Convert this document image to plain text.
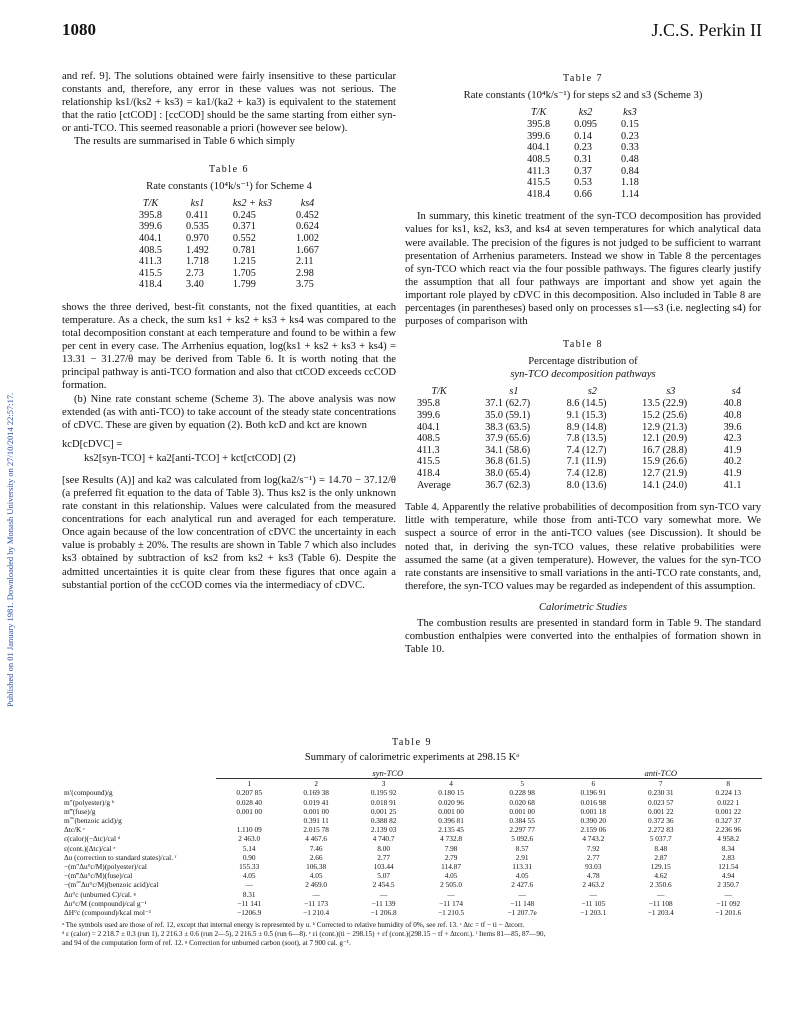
Published on 01 January 1981. Downloaded by Monash University on 27/10/2014 22:57:17.
1080	J.C.S. Perkin II

and ref. 9]. The solutions obtained were fairly insensitive to these particular constants and, therefore, any error in these values was not serious. The relationship ks1/(ks2 + ks3) = ka1/(ka2 + ka3) is equivalent to the statement that the ratio [ctCOD] : [ccCOD] should be the same starting from either syn- or anti-TCO. This seemed reasonable a priori (however see below).

The results are summarised in Table 6 which simply

Table 6
Rate constants (10⁴k/s⁻¹) for Scheme 4
T/K	ks1	ks2 + ks3	ks4
395.8	0.411	0.245	0.452
399.6	0.535	0.371	0.624
404.1	0.970	0.552	1.002
408.5	1.492	0.781	1.667
411.3	1.718	1.215	2.11
415.5	2.73	1.705	2.98
418.4	3.40	1.799	3.75

shows the three derived, best-fit constants, not the fixed quantities, at each temperature. As a check, the sum ks1 + ks2 + ks3 + ks4 was compared to the total decomposition constant at each temperature and found to be within a few per cent in every case. The Arrhenius equation, log(ks1 + ks2 + ks3 + ks4) = 13.31 − 31.27/θ may be derived from Table 6. It is worth noting that the principal pathway is anti-TCO formation and also that ctCOD exceeds ccCOD formation.

(b) Nine rate constant scheme (Scheme 3). The above analysis was now extended (as with anti-TCO) to take account of the steady state concentrations of cDVC. These are given by equation (2). Both kcD and kct are known

kcD[cDVC] =
ks2[syn-TCO] + ka2[anti-TCO] + kct[ctCOD] (2)

[see Results (A)] and ka2 was calculated from log(ka2/s⁻¹) = 14.70 − 37.12/θ (a preferred fit equation to the data of Table 3). Thus ks2 is the only unknown rate constant in this relationship. Values were calculated from the measured concentrations for each analytical run and averaged for each temperature. Once again because of the low concentration of cDVC the uncertainty in each value is probably ± 20%. The results are shown in Table 7 which also includes ks3 obtained by subtraction of ks2 from ks2 + ks3 (Table 6). Despite the admitted uncertainties it is quite clear from these figures that once again a substantial portion of the ccCOD comes via the intermediacy of cDVC.

Table 7
Rate constants (10⁴k/s⁻¹) for steps s2 and s3 (Scheme 3)
T/K	ks2	ks3
395.8	0.095	0.15
399.6	0.14	0.23
404.1	0.23	0.33
408.5	0.31	0.48
411.3	0.37	0.84
415.5	0.53	1.18
418.4	0.66	1.14

In summary, this kinetic treatment of the syn-TCO decomposition has provided values for ks1, ks2, ks3, and ks4 at seven temperatures for which analytical data were available. The precision of the figures is not judged to be sufficient to warrant presentation of Arrhenius parameters. Instead we show in Table 8 the percentages of syn-TCO which react via the four possible pathways. The figures clearly justify the assumption that all four pathways are important and show yet again the important role played by cDVC in this decomposition. Also included in Table 8 are percentages (in parentheses) based only on processes s1—s3 (i.e. neglecting s4) for purposes of comparison with

Table 8
Percentage distribution of
syn-TCO decomposition pathways
T/K	s1	s2	s3	s4
395.8	37.1 (62.7)	8.6 (14.5)	13.5 (22.9)	40.8
399.6	35.0 (59.1)	9.1 (15.3)	15.2 (25.6)	40.8
404.1	38.3 (63.5)	8.9 (14.8)	12.9 (21.3)	39.6
408.5	37.9 (65.6)	7.8 (13.5)	12.1 (20.9)	42.3
411.3	34.1 (58.6)	7.4 (12.7)	16.7 (28.8)	41.9
415.5	36.8 (61.5)	7.1 (11.9)	15.9 (26.6)	40.2
418.4	38.0 (65.4)	7.4 (12.8)	12.7 (21.9)	41.9
Average	36.7 (62.3)	8.0 (13.6)	14.1 (24.0)	41.1

Table 4. Apparently the relative probabilities of decomposition from syn-TCO vary little with temperature, while those from anti-TCO vary somewhat more. We suspect a source of error in the anti-TCO values (see Discussion). It should be noted that, in deriving the syn-TCO values, these relative probabilities were assumed the same (at a given temperature). However, the values for the syn-TCO rate constants are insensitive to small variations in the anti-TCO rate constants, and, therefore, the syn-TCO values may be regarded as independent of this assumption.

Calorimetric Studies

The combustion results are presented in standard form in Table 9. The standard combustion enthalpies were converted into the enthalpies of formation shown in Table 10.

Table 9
Summary of calorimetric experiments at 298.15 Kᵃ
	syn-TCO					anti-TCO		
	1	2	3	4	5	6	7	8
m′(compound)/g	0.207 85	0.169 38	0.195 92	0.180 15	0.228 98	0.196 91	0.230 31	0.224 13
m″(polyester)/g ᵇ	0.028 40	0.019 41	0.018 91	0.020 96	0.020 68	0.016 98	0.023 57	0.022 1
m‴(fuse)/g	0.001 00	0.001 00	0.001 25	0.001 00	0.001 00	0.001 18	0.001 22	0.001 22
m⁗(benzoic acid)/g		0.391 11	0.388 82	0.396 81	0.384 55	0.390 20	0.372 36	0.327 37
Δtc/K ᶜ	1.110 09	2.015 78	2.139 03	2.135 45	2.297 77	2.159 06	2.272 83	2.236 96
ε(calor)(−Δtc)/cal ᵈ	2 463.0	4 467.6	4 740.7	4 732.8	5 092.6	4 743.2	5 037.7	4 958.2
ε(cont.)(Δtc)/cal ᵉ	5.14	7.46	8.00	7.98	8.57	7.92	8.48	8.34
Δu (correction to standard states)/cal. ᶠ	0.90	2.66	2.77	2.79	2.91	2.77	2.87	2.83
−(m″Δu°c/M)(polyester)/cal	155.33	106.38	103.44	114.87	113.31	93.03	129.15	121.54
−(m‴Δu°c/M)(fuse)/cal	4.05	4.05	5.07	4.05	4.05	4.78	4.62	4.94
−(m⁗Δu°c/M)(benzoic acid)/cal	—	2 469.0	2 454.5	2 505.0	2 427.6	2 463.2	2 350.6	2 350.7
Δu°c (unburned C)/cal. ᵍ	8.31	—	—	—	—	—	—	—
Δu°c/M (compound)/cal g⁻¹	−11 141	−11 173	−11 139	−11 174	−11 148	−11 105	−11 108	−11 092
ΔH°c (compound)/kcal mol⁻¹	−1206.9	−1 210.4	−1 206.8	−1 210.5	−1 207.7e	−1 203.1	−1 203.4	−1 201.6
ᵃ The symbols used are those of ref. 12, except that internal energy is represented by u. ᵇ Corrected to relative humidity of 0%, see ref. 13. ᶜ Δtc = tf − ti − Δtcorr.
ᵈ ε (calor) = 2 218.7 ± 0.3 (run 1), 2 216.3 ± 0.6 (run 2—5), 2 216.5 ± 0.5 (run 6—8). ᵉ εi (cont.)(ti − 298.15) + εf (cont.)(298.15 − tf + Δtcorr.). ᶠ Items 81—85, 87—90,
and 94 of the computation form of ref. 12. ᵍ Correction for unburned carbon (soot), at 7 900 cal. g⁻¹.
